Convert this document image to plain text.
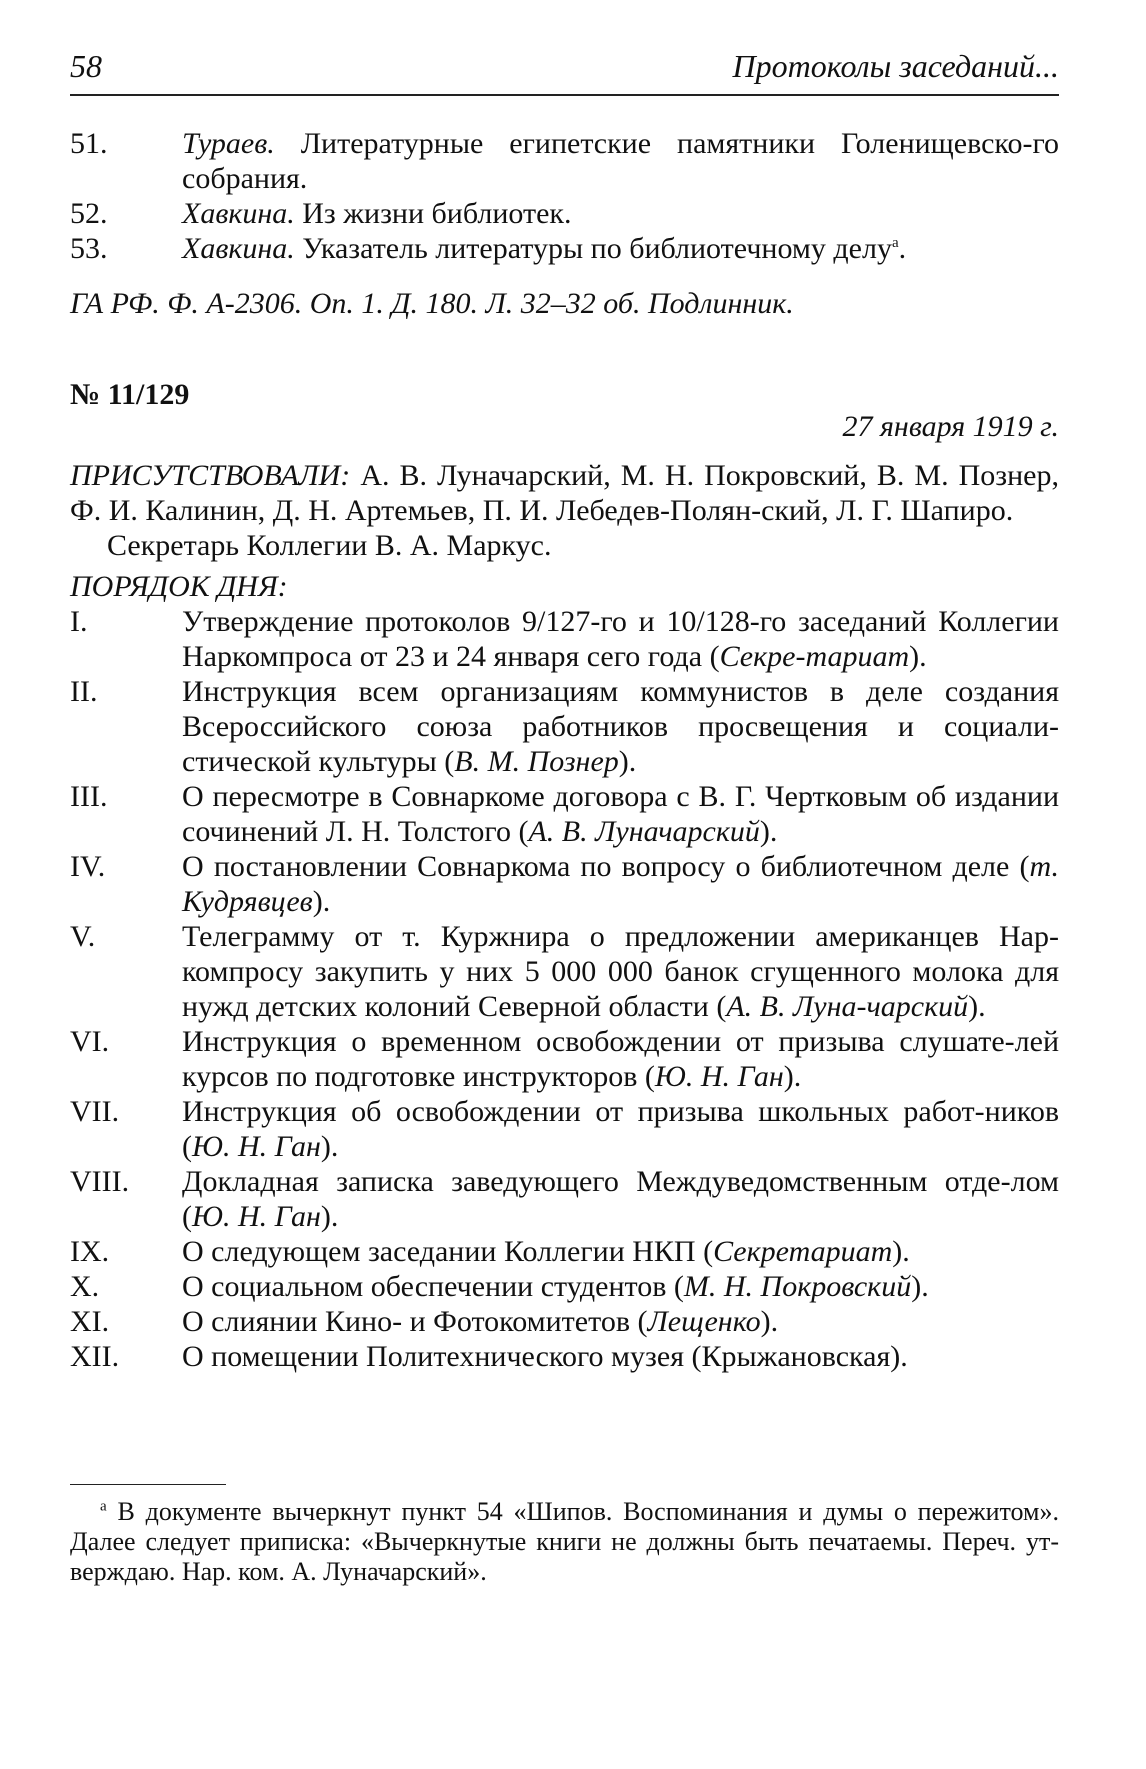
58	Протоколы заседаний...
51.	Тураев. Литературные египетские памятники Голенищевско-го собрания.
52.	Хавкина. Из жизни библиотек.
53.	Хавкина. Указатель литературы по библиотечному делу$^а$.
ГА РФ. Ф. А-2306. Оп. 1. Д. 180. Л. 32–32 об. Подлинник.
№ 11/129
27 января 1919 г.
ПРИСУТСТВОВАЛИ: А. В. Луначарский, М. Н. Покровский, В. М. Познер, Ф. И. Калинин, Д. Н. Артемьев, П. И. Лебедев-Полян-ский, Л. Г. Шапиро.
Секретарь Коллегии В. А. Маркус.
ПОРЯДОК ДНЯ:
I.	Утверждение протоколов 9/127-го и 10/128-го заседаний Коллегии Наркомпроса от 23 и 24 января сего года (Секре-тариат).
II.	Инструкция всем организациям коммунистов в деле создания Всероссийского союза работников просвещения и социали-стической культуры (В. М. Познер).
III.	О пересмотре в Совнаркоме договора с В. Г. Чертковым об издании сочинений Л. Н. Толстого (А. В. Луначарский).
IV.	О постановлении Совнаркома по вопросу о библиотечном деле (т. Кудрявцев).
V.	Телеграмму от т. Куржнира о предложении американцев Нар-компросу закупить у них 5 000 000 банок сгущенного молока для нужд детских колоний Северной области (А. В. Луна-чарский).
VI.	Инструкция о временном освобождении от призыва слушате-лей курсов по подготовке инструкторов (Ю. Н. Ган).
VII.	Инструкция об освобождении от призыва школьных работ-ников (Ю. Н. Ган).
VIII.	Докладная записка заведующего Междуведомственным отде-лом (Ю. Н. Ган).
IX.	О следующем заседании Коллегии НКП (Секретариат).
X.	О социальном обеспечении студентов (М. Н. Покровский).
XI.	О слиянии Кино- и Фотокомитетов (Лещенко).
XII.	О помещении Политехнического музея (Крыжановская).
$^а$ В документе вычеркнут пункт 54 «Шипов. Воспоминания и думы о пережитом». Далее следует приписка: «Вычеркнутые книги не должны быть печатаемы. Переч. ут-верждаю. Нар. ком. А. Луначарский».
